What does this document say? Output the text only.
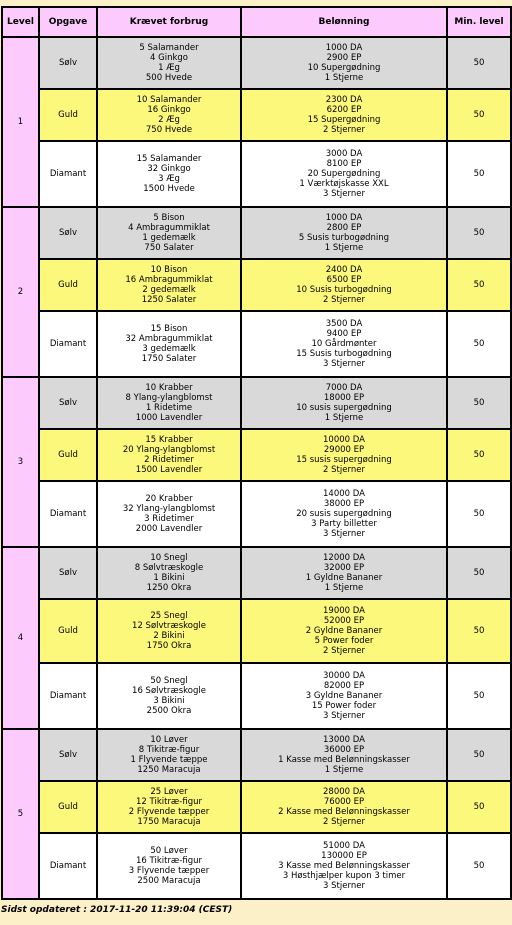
Level	Opgave	Krævet forbrug	Belønning	Min. level
1	Sølv	5 Salamander
4 Ginkgo
1 Æg
500 Hvede	1000 DA
2900 EP
10 Supergødning
1 Stjerne	50
	Guld	10 Salamander
16 Ginkgo
2 Æg
750 Hvede	2300 DA
6200 EP
15 Supergødning
2 Stjerner	50
	Diamant	15 Salamander
32 Ginkgo
3 Æg
1500 Hvede	3000 DA
8100 EP
20 Supergødning
1 Værktøjskasse XXL
3 Stjerner	50
2	Sølv	5 Bison
4 Ambragummiklat
1 gedemælk
750 Salater	1000 DA
2800 EP
5 Susis turbogødning
1 Stjerne	50
	Guld	10 Bison
16 Ambragummiklat
2 gedemælk
1250 Salater	2400 DA
6500 EP
10 Susis turbogødning
2 Stjerner	50
	Diamant	15 Bison
32 Ambragummiklat
3 gedemælk
1750 Salater	3500 DA
9400 EP
10 Gårdmønter
15 Susis turbogødning
3 Stjerner	50
3	Sølv	10 Krabber
8 Ylang-ylangblomst
1 Ridetime
1000 Lavendler	7000 DA
18000 EP
10 susis supergødning
1 Stjerne	50
	Guld	15 Krabber
20 Ylang-ylangblomst
2 Ridetimer
1500 Lavendler	10000 DA
29000 EP
15 susis supergødning
2 Stjerner	50
	Diamant	20 Krabber
32 Ylang-ylangblomst
3 Ridetimer
2000 Lavendler	14000 DA
38000 EP
20 susis supergødning
3 Party billetter
3 Stjerner	50
4	Sølv	10 Snegl
8 Sølvtræskogle
1 Bikini
1250 Okra	12000 DA
32000 EP
1 Gyldne Bananer
1 Stjerne	50
	Guld	25 Snegl
12 Sølvtræskogle
2 Bikini
1750 Okra	19000 DA
52000 EP
2 Gyldne Bananer
5 Power foder
2 Stjerner	50
	Diamant	50 Snegl
16 Sølvtræskogle
3 Bikini
2500 Okra	30000 DA
82000 EP
3 Gyldne Bananer
15 Power foder
3 Stjerner	50
5	Sølv	10 Løver
8 Tikitræ-figur
1 Flyvende tæppe
1250 Maracuja	13000 DA
36000 EP
1 Kasse med Belønningskasser
1 Stjerne	50
	Guld	25 Løver
12 Tikitræ-figur
2 Flyvende tæpper
1750 Maracuja	28000 DA
76000 EP
2 Kasse med Belønningskasser
2 Stjerner	50
	Diamant	50 Løver
16 Tikitræ-figur
3 Flyvende tæpper
2500 Maracuja	51000 DA
130000 EP
3 Kasse med Belønningskasser
3 Høsthjælper kupon 3 timer
3 Stjerner	50
Sidst opdateret : 2017-11-20 11:39:04 (CEST)
